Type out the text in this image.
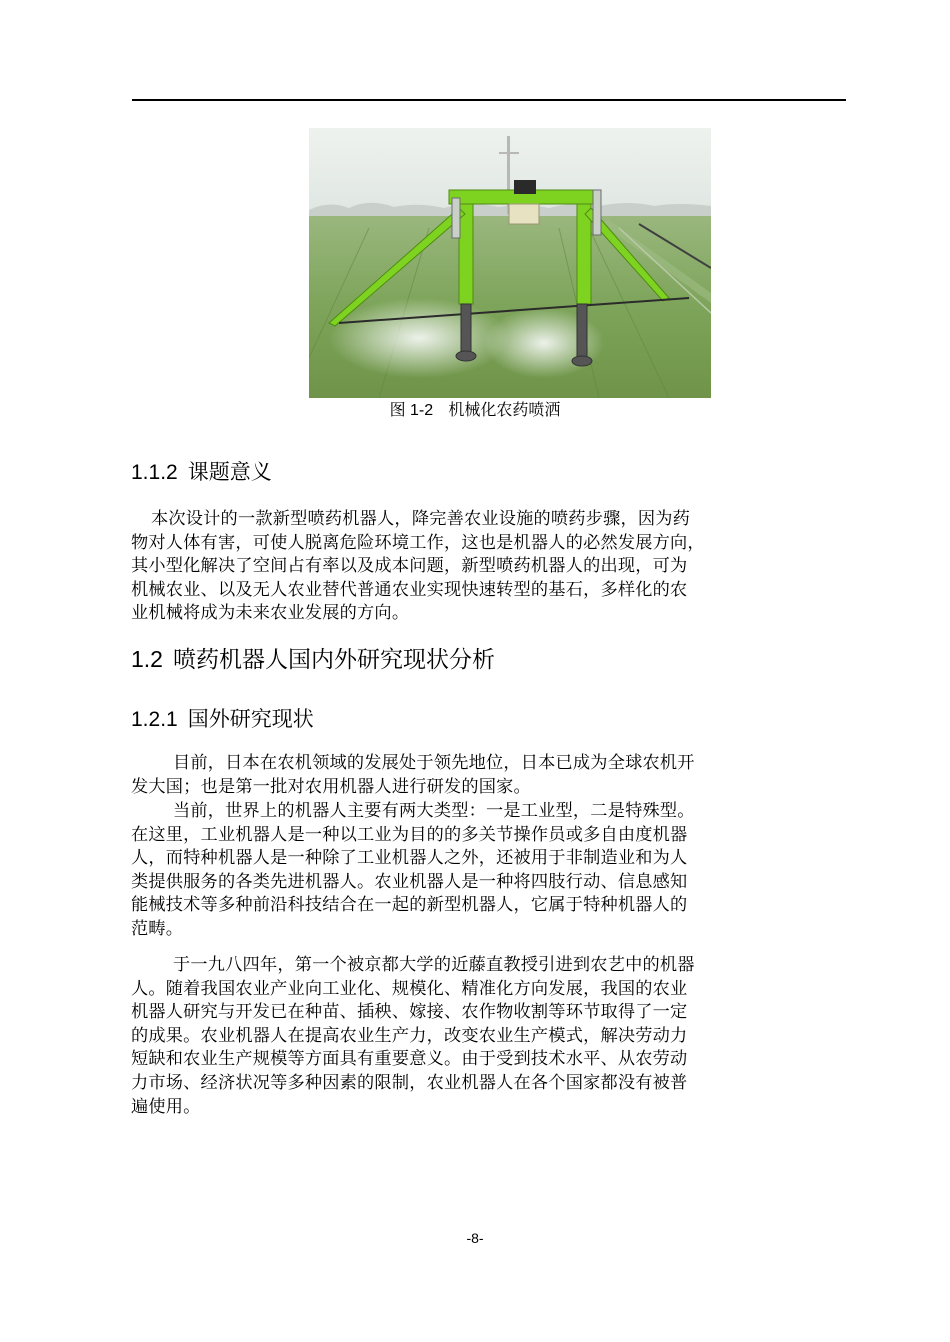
图 1-2 机械化农药喷洒
1.1.2 课题意义
本次设计的一款新型喷药机器人，降完善农业设施的喷药步骤，因为药
物对人体有害，可使人脱离危险环境工作，这也是机器人的必然发展方向，
其小型化解决了空间占有率以及成本问题，新型喷药机器人的出现，可为
机械农业、以及无人农业替代普通农业实现快速转型的基石，多样化的农
业机械将成为未来农业发展的方向。
1.2 喷药机器人国内外研究现状分析
1.2.1 国外研究现状
目前，日本在农机领域的发展处于领先地位，日本已成为全球农机开
发大国；也是第一批对农用机器人进行研发的国家。
当前，世界上的机器人主要有两大类型：一是工业型，二是特殊型。
在这里，工业机器人是一种以工业为目的的多关节操作员或多自由度机器
人，而特种机器人是一种除了工业机器人之外，还被用于非制造业和为人
类提供服务的各类先进机器人。农业机器人是一种将四肢行动、信息感知
能械技术等多种前沿科技结合在一起的新型机器人，它属于特种机器人的
范畴。
于一九八四年，第一个被京都大学的近藤直教授引进到农艺中的机器
人。随着我国农业产业向工业化、规模化、精准化方向发展，我国的农业
机器人研究与开发已在种苗、插秧、嫁接、农作物收割等环节取得了一定
的成果。农业机器人在提高农业生产力，改变农业生产模式，解决劳动力
短缺和农业生产规模等方面具有重要意义。由于受到技术水平、从农劳动
力市场、经济状况等多种因素的限制，农业机器人在各个国家都没有被普
遍使用。
-8-
